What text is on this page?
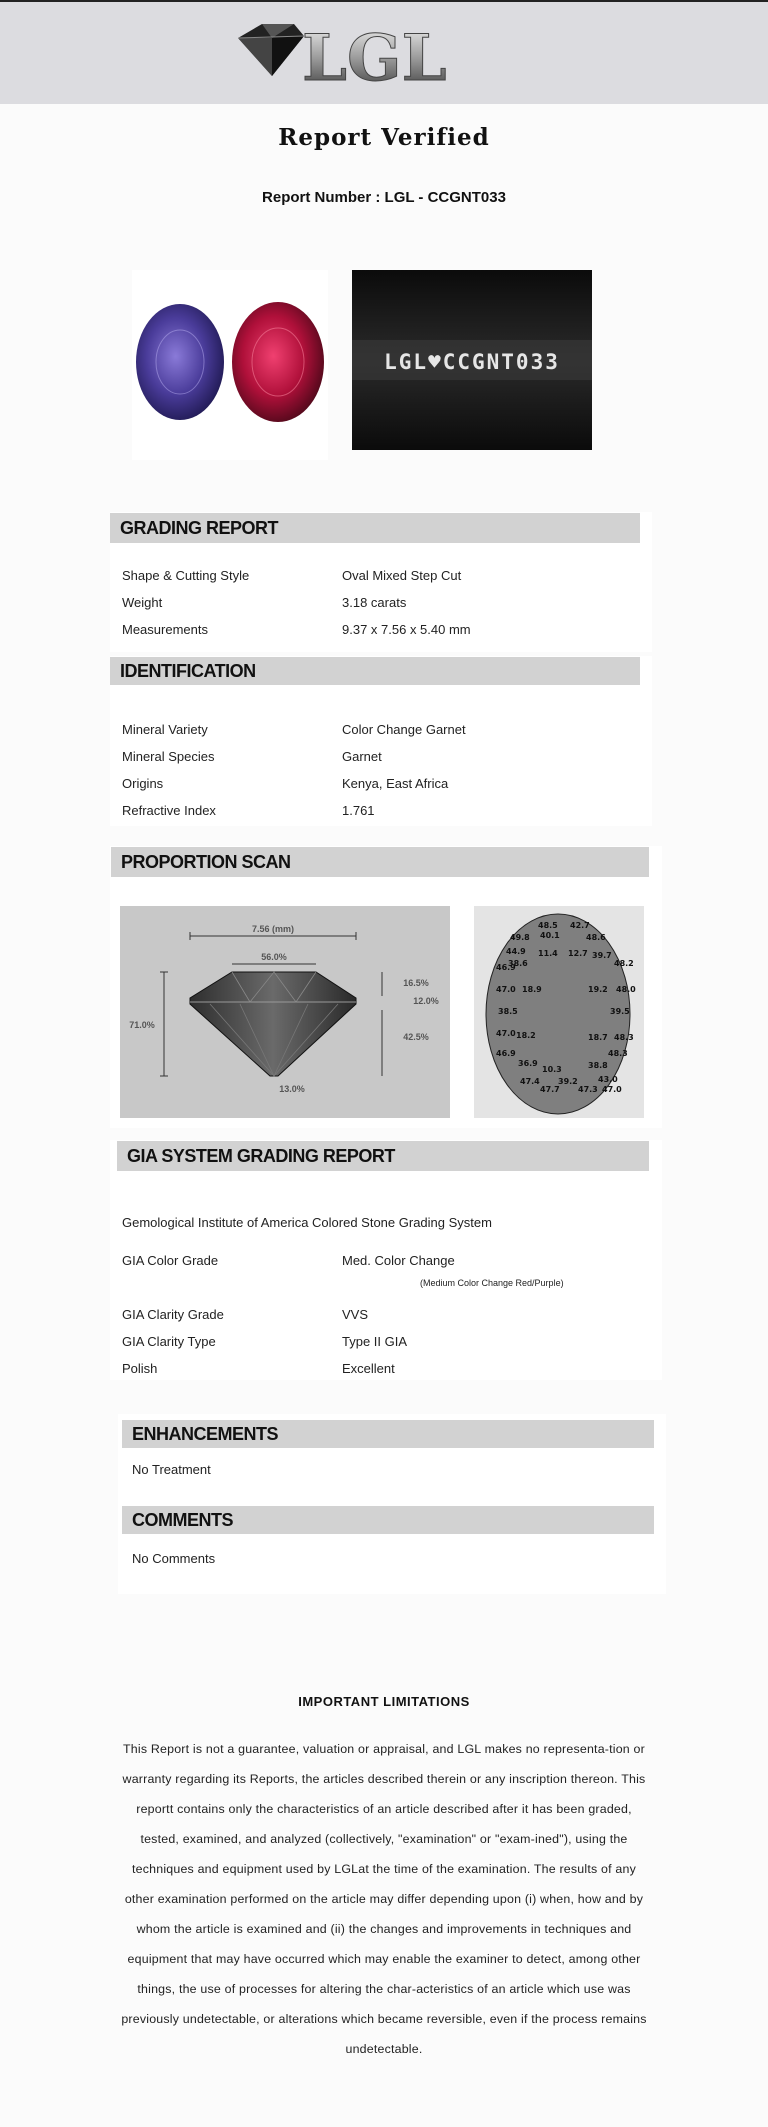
LGL
Report Verified
Report Number : LGL - CCGNT033
LGL♥CCGNT033
GRADING REPORT
Shape & Cutting Style	Oval Mixed Step Cut
Weight	3.18 carats
Measurements	9.37 x 7.56 x 5.40 mm
IDENTIFICATION
Mineral Variety	Color Change Garnet
Mineral Species	Garnet
Origins	Kenya, East Africa
Refractive Index	1.761
PROPORTION SCAN
7.56 (mm)
56.0%
71.0%
16.5%
12.0%
42.5%
13.0%
48.5 42.7
49.8 40.1	48.6
44.9 11.4 12.7 39.7
38.6	48.2
46.9
47.0 18.9	19.2 48.0
38.5	39.5
47.0 18.2	18.7 48.3
46.9	48.3
36.9
10.3	38.8
47.4 39.2	43.0
47.7 47.3 47.0
GIA SYSTEM GRADING REPORT
Gemological Institute of America Colored Stone Grading System
GIA Color Grade	Med. Color Change
(Medium Color Change Red/Purple)
GIA Clarity Grade	VVS
GIA Clarity Type	Type II GIA
Polish	Excellent
ENHANCEMENTS
No Treatment
COMMENTS
No Comments
IMPORTANT LIMITATIONS
This Report is not a guarantee, valuation or appraisal, and LGL makes no representa-tion or warranty regarding its Reports, the articles described therein or any inscription thereon. This reportt contains only the characteristics of an article described after it has been graded, tested, examined, and analyzed (collectively, "examination" or "exam-ined"), using the techniques and equipment used by LGLat the time of the examination. The results of any other examination performed on the article may differ depending upon (i) when, how and by whom the article is examined and (ii) the changes and improvements in techniques and equipment that may have occurred which may enable the examiner to detect, among other things, the use of processes for altering the char-acteristics of an article which use was previously undetectable, or alterations which became reversible, even if the process remains undetectable.
